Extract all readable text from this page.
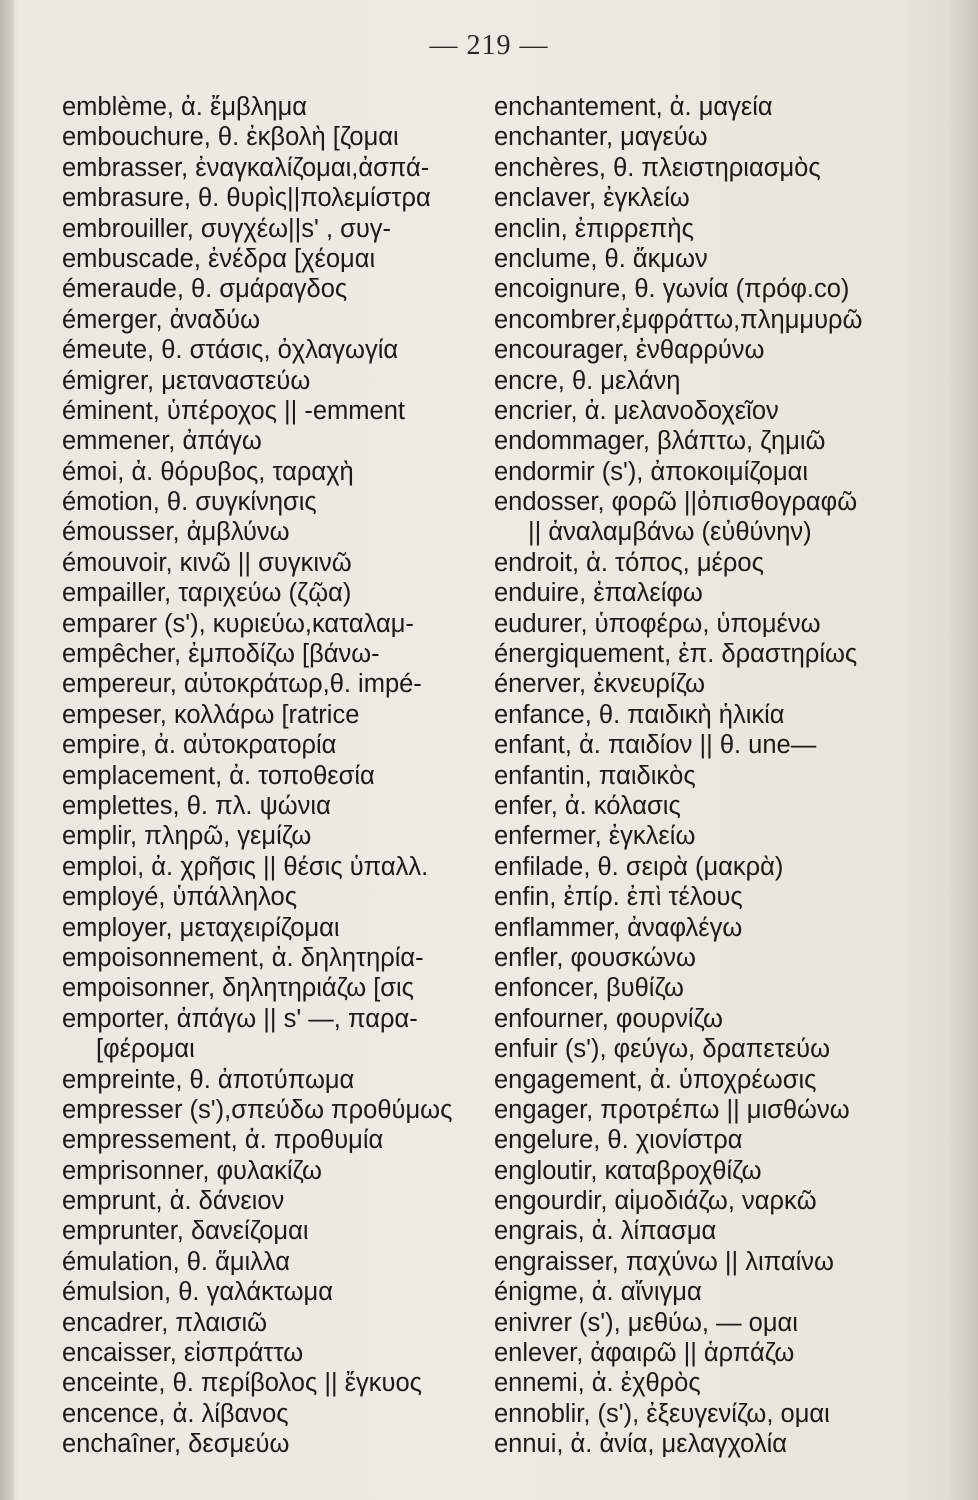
— 219 —
emblème, ἀ. ἔμβλημα
embouchure, θ. ἐκβολὴ [ζομαι
embrasser, ἐναγκαλίζομαι,ἀσπά-
embrasure, θ. θυρὶς||πολεμίστρα
embrouiller, συγχέω||s' , συγ-
embuscade, ἐνέδρα [χέομαι
émeraude, θ. σμάραγδος
émerger, ἀναδύω
émeute, θ. στάσις, ὀχλαγωγία
émigrer, μεταναστεύω
éminent, ὑπέροχος || -emment
emmener, ἀπάγω
émoi, ἀ. θόρυβος, ταραχὴ
émotion, θ. συγκίνησις
émousser, ἀμβλύνω
émouvoir, κινῶ || συγκινῶ
empailler, ταριχεύω (ζῷα)
emparer (s'), κυριεύω,καταλαμ-
empêcher, ἐμποδίζω [βάνω-
empereur, αὐτοκράτωρ,θ. impé-
empeser, κολλάρω [ratrice
empire, ἀ. αὐτοκρατορία
emplacement, ἀ. τοποθεσία
emplettes, θ. πλ. ψώνια
emplir, πληρῶ, γεμίζω
emploi, ἀ. χρῆσις || θέσις ὑπαλλ.
employé, ὑπάλληλος
employer, μεταχειρίζομαι
empoisonnement, ἀ. δηλητηρία-
empoisonner, δηλητηριάζω [σις
emporter, ἀπάγω || s' —, παρα-
[φέρομαι
empreinte, θ. ἀποτύπωμα
empresser (s'),σπεύδω προθύμως
empressement, ἀ. προθυμία
emprisonner, φυλακίζω
emprunt, ἀ. δάνειον
emprunter, δανείζομαι
émulation, θ. ἅμιλλα
émulsion, θ. γαλάκτωμα
encadrer, πλαισιῶ
encaisser, εἰσπράττω
enceinte, θ. περίβολος || ἔγκυος
encence, ἀ. λίβανος
enchaîner, δεσμεύω
enchantement, ἀ. μαγεία
enchanter, μαγεύω
enchères, θ. πλειστηριασμὸς
enclaver, ἐγκλείω
enclin, ἐπιρρεπὴς
enclume, θ. ἄκμων
encoignure, θ. γωνία (πρόφ.co)
encombrer,ἐμφράττω,πλημμυρῶ
encourager, ἐνθαρρύνω
encre, θ. μελάνη
encrier, ἀ. μελανοδοχεῖον
endommager, βλάπτω, ζημιῶ
endormir (s'), ἀποκοιμίζομαι
endosser, φορῶ ||ὀπισθογραφῶ
|| ἀναλαμβάνω (εὐθύνην)
endroit, ἀ. τόπος, μέρος
enduire, ἐπαλείφω
eudurer, ὑποφέρω, ὑπομένω
énergiquement, ἐπ. δραστηρίως
énerver, ἐκνευρίζω
enfance, θ. παιδικὴ ἡλικία
enfant, ἀ. παιδίον || θ. une—
enfantin, παιδικὸς
enfer, ἀ. κόλασις
enfermer, ἐγκλείω
enfilade, θ. σειρὰ (μακρὰ)
enfin, ἐπίρ. ἐπὶ τέλους
enflammer, ἀναφλέγω
enfler, φουσκώνω
enfoncer, βυθίζω
enfourner, φουρνίζω
enfuir (s'), φεύγω, δραπετεύω
engagement, ἀ. ὑποχρέωσις
engager, προτρέπω || μισθώνω
engelure, θ. χιονίστρα
engloutir, καταβροχθίζω
engourdir, αἱμοδιάζω, ναρκῶ
engrais, ἀ. λίπασμα
engraisser, παχύνω || λιπαίνω
énigme, ἀ. αἴνιγμα
enivrer (s'), μεθύω, — ομαι
enlever, ἀφαιρῶ || ἁρπάζω
ennemi, ἀ. ἐχθρὸς
ennoblir, (s'), ἐξευγενίζω, ομαι
ennui, ἀ. ἀνία, μελαγχολία
